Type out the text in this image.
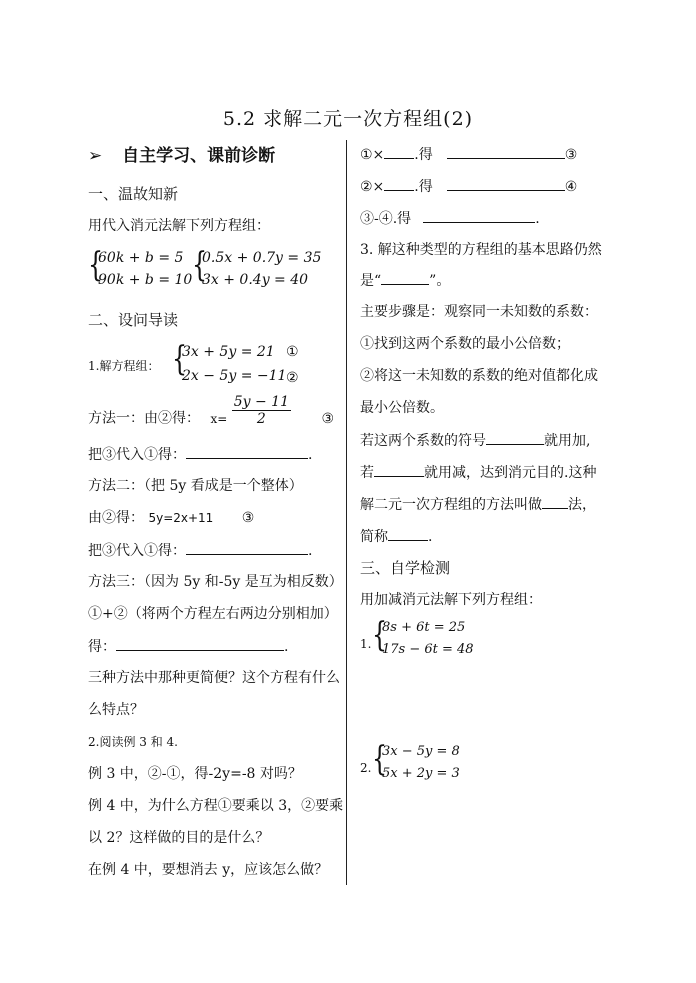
5.2 求解二元一次方程组(2)
➢ 自主学习、课前诊断
一、温故知新
用代入消元法解下列方程组：
{
60k + b = 5
90k + b = 10 {
0.5x + 0.7y = 35
3x + 0.4y = 40
二、设问导读
1.解方程组： {
3x + 5y = 21
2x − 5y = −11
①
②
方法一：由②得： $x= \frac{5y - 11}{2}$ ③
把③代入①得：	.
方法二：（把 5y 看成是一个整体）
由②得： 5y=2x+11 ③
把③代入①得：	.
方法三：（因为 5y 和-5y 是互为相反数）
①+②（将两个方程左右两边分别相加）
得：	.
三种方法中那种更简便？这个方程有什么
么特点？
2.阅读例 3 和 4.
例 3 中，②-①，得-2y=-8 对吗？
例 4 中，为什么方程①要乘以 3，②要乘
以 2？这样做的目的是什么？
在例 4 中，要想消去 y，应该怎么做？
①× .得	③
②× .得	④
③-④.得	.
3. 解这种类型的方程组的基本思路仍然
是“	”。
主要步骤是：观察同一未知数的系数：
①找到这两个系数的最小公倍数；
②将这一未知数的系数的绝对值都化成
最小公倍数。
若这两个系数的符号	就用加,
若	就用减，达到消元目的.这种
解二元一次方程组的方法叫做 法，
简称	.
三、自学检测
用加减消元法解下列方程组：
1. {
8s + 6t = 25
17s − 6t = 48
2. {
3x − 5y = 8
5x + 2y = 3
